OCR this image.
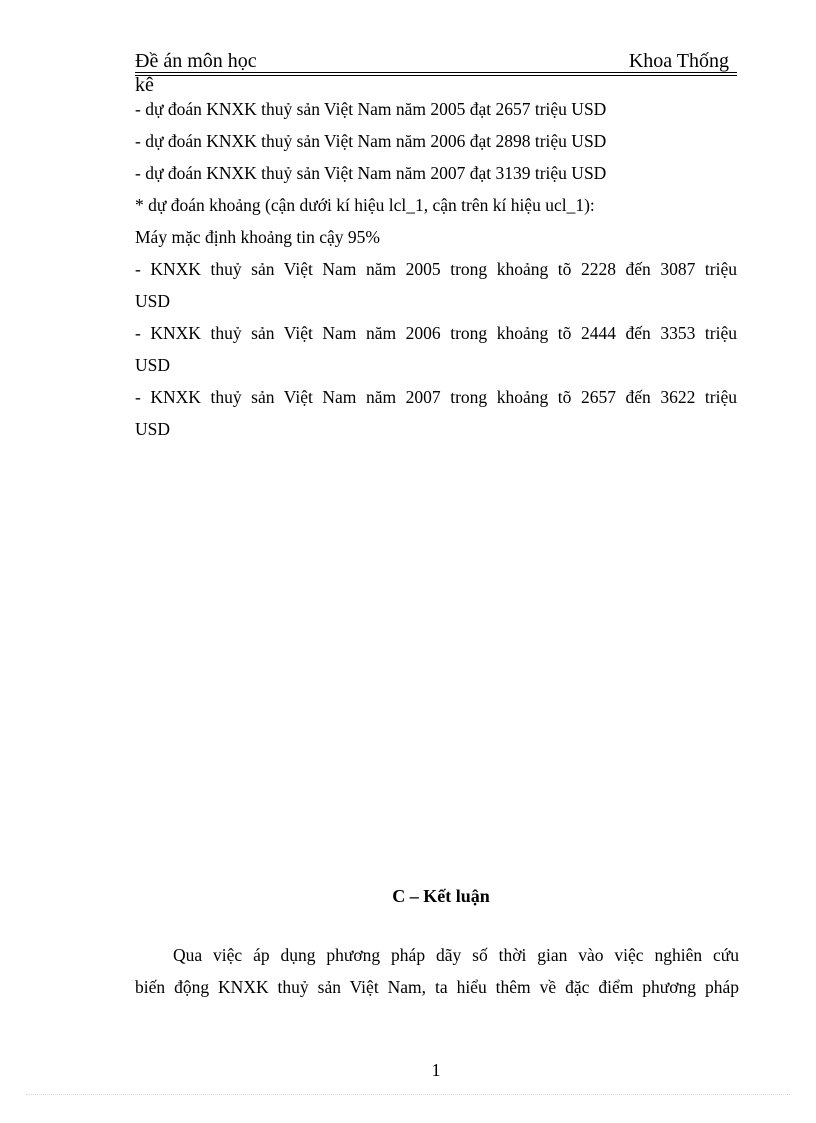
Đề án môn học	Khoa Thống
kê
- dự đoán KNXK thuỷ sản Việt Nam năm 2005 đạt 2657 triệu USD
- dự đoán KNXK thuỷ sản Việt Nam năm 2006 đạt 2898 triệu USD
- dự đoán KNXK thuỷ sản Việt Nam năm 2007 đạt 3139 triệu USD
* dự đoán khoảng (cận dưới kí hiệu lcl_1, cận trên kí hiệu ucl_1):
Máy mặc định khoảng tin cậy 95%
- KNXK thuỷ sản Việt Nam năm 2005 trong khoảng tõ 2228 đến 3087 triệu
USD
- KNXK thuỷ sản Việt Nam năm 2006 trong khoảng tõ 2444 đến 3353 triệu
USD
- KNXK thuỷ sản Việt Nam năm 2007 trong khoảng tõ 2657 đến 3622 triệu
USD
C – Kết luận
Qua việc áp dụng phương pháp dãy số thời gian vào việc nghiên cứu
biến động KNXK thuỷ sản Việt Nam, ta hiểu thêm về đặc điểm phương pháp
1
